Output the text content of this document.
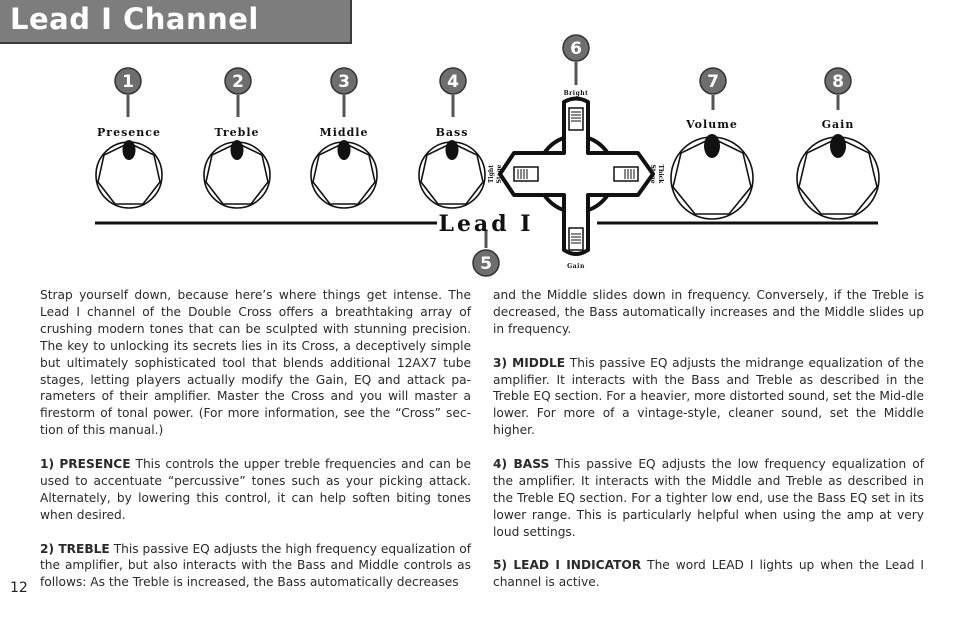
Lead I Channel
Lead I
1	2	3	4
5
6
7	8
Presence	Treble	Middle	Bass
Volume	Gain
Bright
Gain
Tight Stage	Thick
Stage

Strap yourself down, because here’s where things get intense. The Lead I channel of the Double Cross offers a breathtaking array of crushing modern tones that can be sculpted with stunning precision. The key to unlocking its secrets lies in its Cross, a deceptively simple but ultimately sophisticated tool that blends additional 12AX7 tube stages, letting players actually modify the Gain, EQ and attack pa-rameters of their amplifier. Master the Cross and you will master a firestorm of tonal power. (For more information, see the “Cross” sec-tion of this manual.)

1) PRESENCE This controls the upper treble frequencies and can be used to accentuate “percussive” tones such as your picking attack. Alternately, by lowering this control, it can help soften biting tones when desired.

2) TREBLE This passive EQ adjusts the high frequency equalization of the amplifier, but also interacts with the Bass and Middle controls as follows: As the Treble is increased, the Bass automatically decreases

and the Middle slides down in frequency. Conversely, if the Treble is decreased, the Bass automatically increases and the Middle slides up in frequency.

3) MIDDLE This passive EQ adjusts the midrange equalization of the amplifier. It interacts with the Bass and Treble as described in the Treble EQ section. For a heavier, more distorted sound, set the Mid-dle lower. For more of a vintage-style, cleaner sound, set the Middle higher.

4) BASS This passive EQ adjusts the low frequency equalization of the amplifier. It interacts with the Middle and Treble as described in the Treble EQ section. For a tighter low end, use the Bass EQ set in its lower range. This is particularly helpful when using the amp at very loud settings.

5) LEAD I INDICATOR The word LEAD I lights up when the Lead I channel is active.

12
